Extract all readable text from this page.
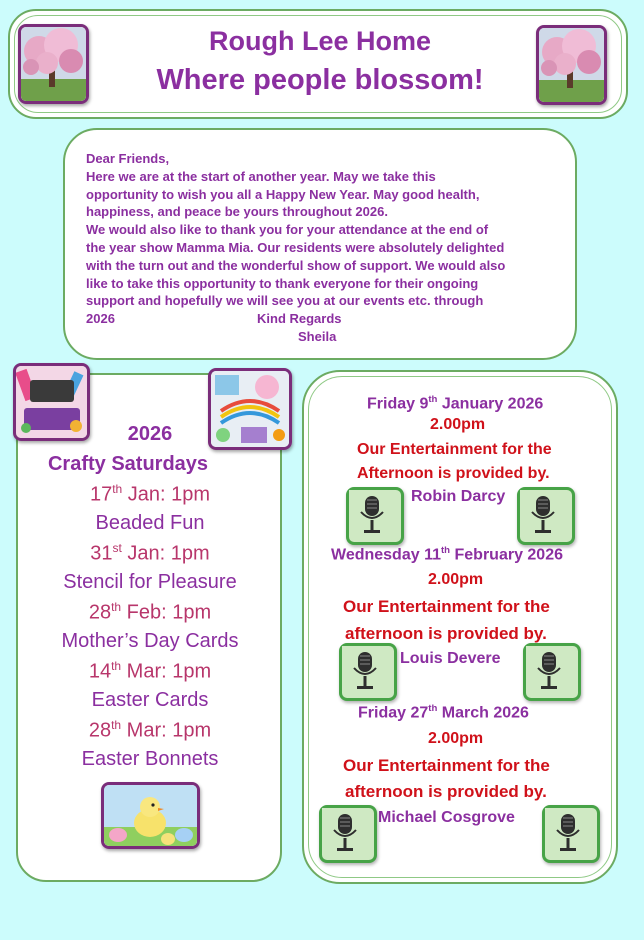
Rough Lee Home
Where people blossom!
Dear Friends,
Here we are at the start of another year. May we take this
opportunity to wish you all a Happy New Year. May good health,
happiness, and peace be yours throughout 2026.
We would also like to thank you for your attendance at the end of
the year show Mamma Mia. Our residents were absolutely delighted
with the turn out and the wonderful show of support. We would also
like to take this opportunity to thank everyone for their ongoing
support and hopefully we will see you at our events etc. through
2026	Kind Regards
Sheila
2026
Crafty Saturdays
17th Jan: 1pm
Beaded Fun
31st Jan: 1pm
Stencil for Pleasure
28th Feb: 1pm
Mother’s Day Cards
14th Mar: 1pm
Easter Cards
28th Mar: 1pm
Easter Bonnets
Friday 9th January 2026
2.00pm
Our Entertainment for the
Afternoon is provided by.
Robin Darcy
Wednesday 11th February 2026
2.00pm
Our Entertainment for the
afternoon is provided by.
Louis Devere
Friday 27th March 2026
2.00pm
Our Entertainment for the
afternoon is provided by.
Michael Cosgrove
